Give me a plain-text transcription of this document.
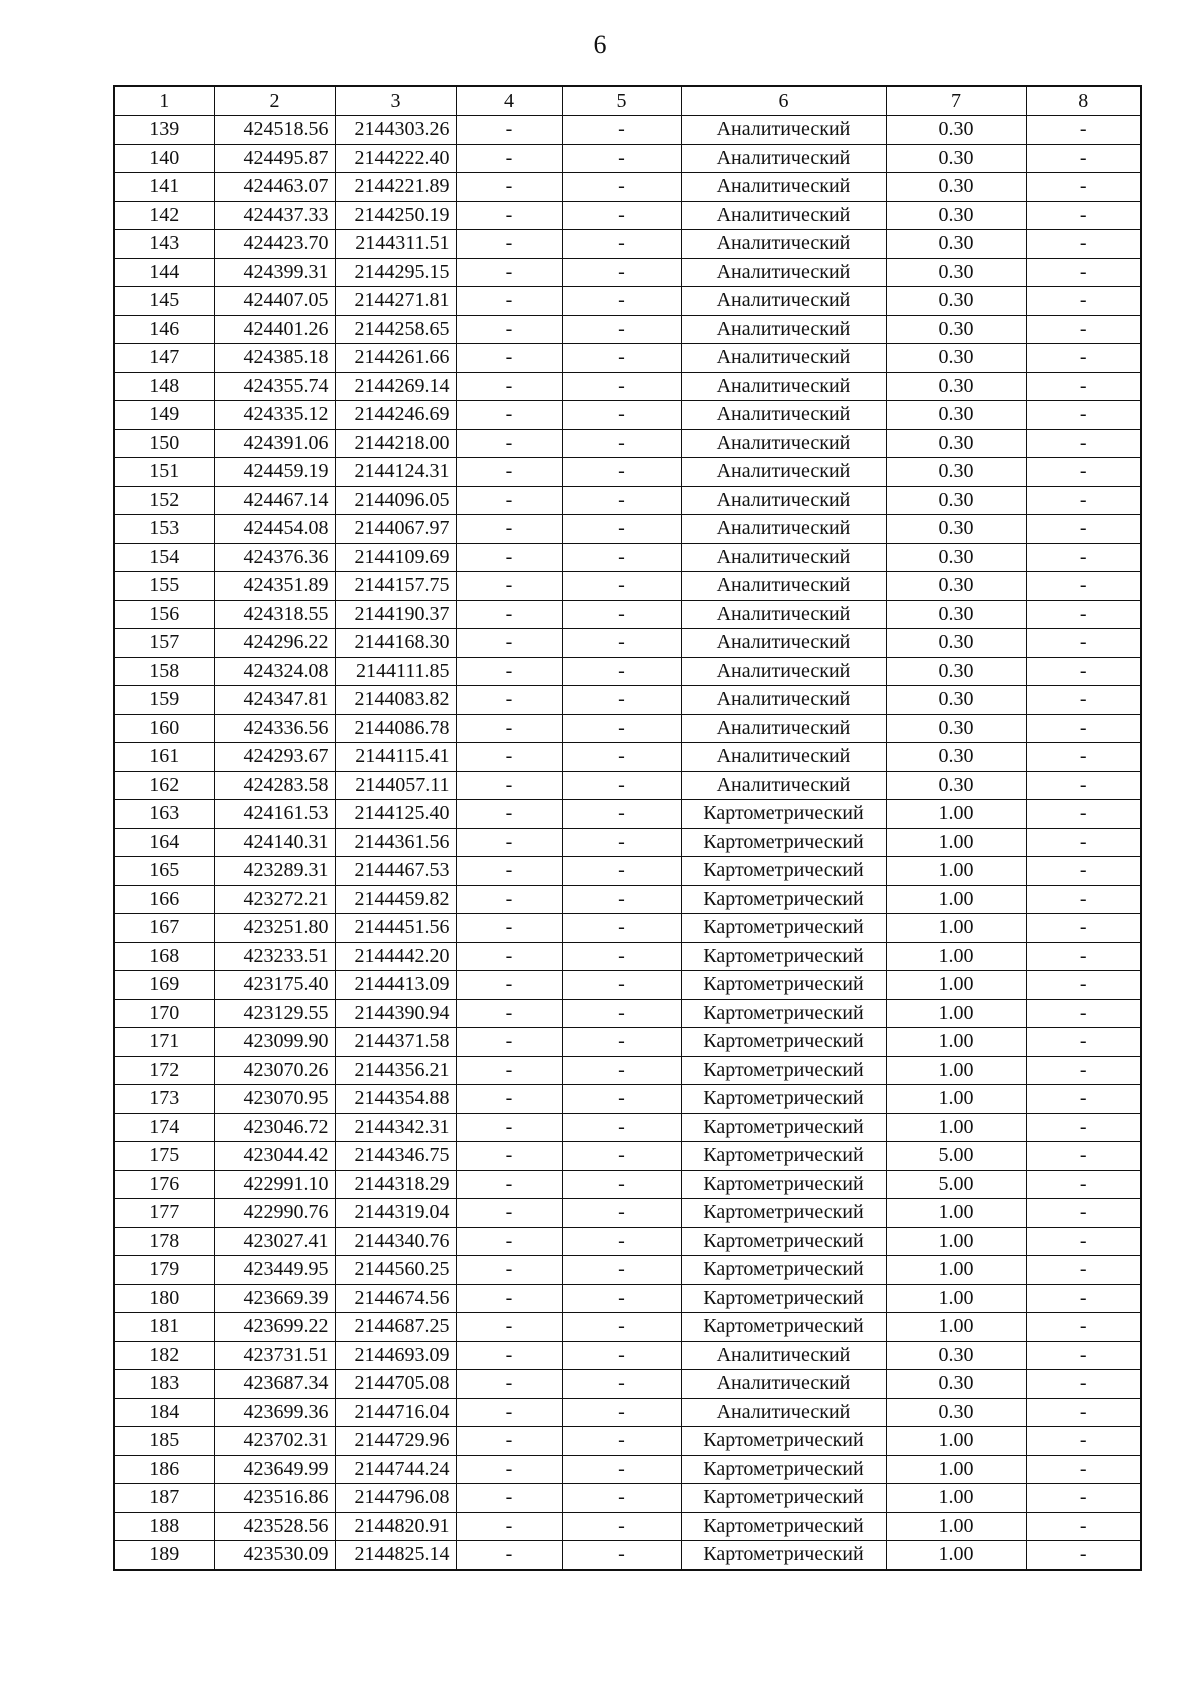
6
1	2	3	4	5	6	7	8
139	424518.56	2144303.26	-	-	Аналитический	0.30	-
140	424495.87	2144222.40	-	-	Аналитический	0.30	-
141	424463.07	2144221.89	-	-	Аналитический	0.30	-
142	424437.33	2144250.19	-	-	Аналитический	0.30	-
143	424423.70	2144311.51	-	-	Аналитический	0.30	-
144	424399.31	2144295.15	-	-	Аналитический	0.30	-
145	424407.05	2144271.81	-	-	Аналитический	0.30	-
146	424401.26	2144258.65	-	-	Аналитический	0.30	-
147	424385.18	2144261.66	-	-	Аналитический	0.30	-
148	424355.74	2144269.14	-	-	Аналитический	0.30	-
149	424335.12	2144246.69	-	-	Аналитический	0.30	-
150	424391.06	2144218.00	-	-	Аналитический	0.30	-
151	424459.19	2144124.31	-	-	Аналитический	0.30	-
152	424467.14	2144096.05	-	-	Аналитический	0.30	-
153	424454.08	2144067.97	-	-	Аналитический	0.30	-
154	424376.36	2144109.69	-	-	Аналитический	0.30	-
155	424351.89	2144157.75	-	-	Аналитический	0.30	-
156	424318.55	2144190.37	-	-	Аналитический	0.30	-
157	424296.22	2144168.30	-	-	Аналитический	0.30	-
158	424324.08	2144111.85	-	-	Аналитический	0.30	-
159	424347.81	2144083.82	-	-	Аналитический	0.30	-
160	424336.56	2144086.78	-	-	Аналитический	0.30	-
161	424293.67	2144115.41	-	-	Аналитический	0.30	-
162	424283.58	2144057.11	-	-	Аналитический	0.30	-
163	424161.53	2144125.40	-	-	Картометрический	1.00	-
164	424140.31	2144361.56	-	-	Картометрический	1.00	-
165	423289.31	2144467.53	-	-	Картометрический	1.00	-
166	423272.21	2144459.82	-	-	Картометрический	1.00	-
167	423251.80	2144451.56	-	-	Картометрический	1.00	-
168	423233.51	2144442.20	-	-	Картометрический	1.00	-
169	423175.40	2144413.09	-	-	Картометрический	1.00	-
170	423129.55	2144390.94	-	-	Картометрический	1.00	-
171	423099.90	2144371.58	-	-	Картометрический	1.00	-
172	423070.26	2144356.21	-	-	Картометрический	1.00	-
173	423070.95	2144354.88	-	-	Картометрический	1.00	-
174	423046.72	2144342.31	-	-	Картометрический	1.00	-
175	423044.42	2144346.75	-	-	Картометрический	5.00	-
176	422991.10	2144318.29	-	-	Картометрический	5.00	-
177	422990.76	2144319.04	-	-	Картометрический	1.00	-
178	423027.41	2144340.76	-	-	Картометрический	1.00	-
179	423449.95	2144560.25	-	-	Картометрический	1.00	-
180	423669.39	2144674.56	-	-	Картометрический	1.00	-
181	423699.22	2144687.25	-	-	Картометрический	1.00	-
182	423731.51	2144693.09	-	-	Аналитический	0.30	-
183	423687.34	2144705.08	-	-	Аналитический	0.30	-
184	423699.36	2144716.04	-	-	Аналитический	0.30	-
185	423702.31	2144729.96	-	-	Картометрический	1.00	-
186	423649.99	2144744.24	-	-	Картометрический	1.00	-
187	423516.86	2144796.08	-	-	Картометрический	1.00	-
188	423528.56	2144820.91	-	-	Картометрический	1.00	-
189	423530.09	2144825.14	-	-	Картометрический	1.00	-
